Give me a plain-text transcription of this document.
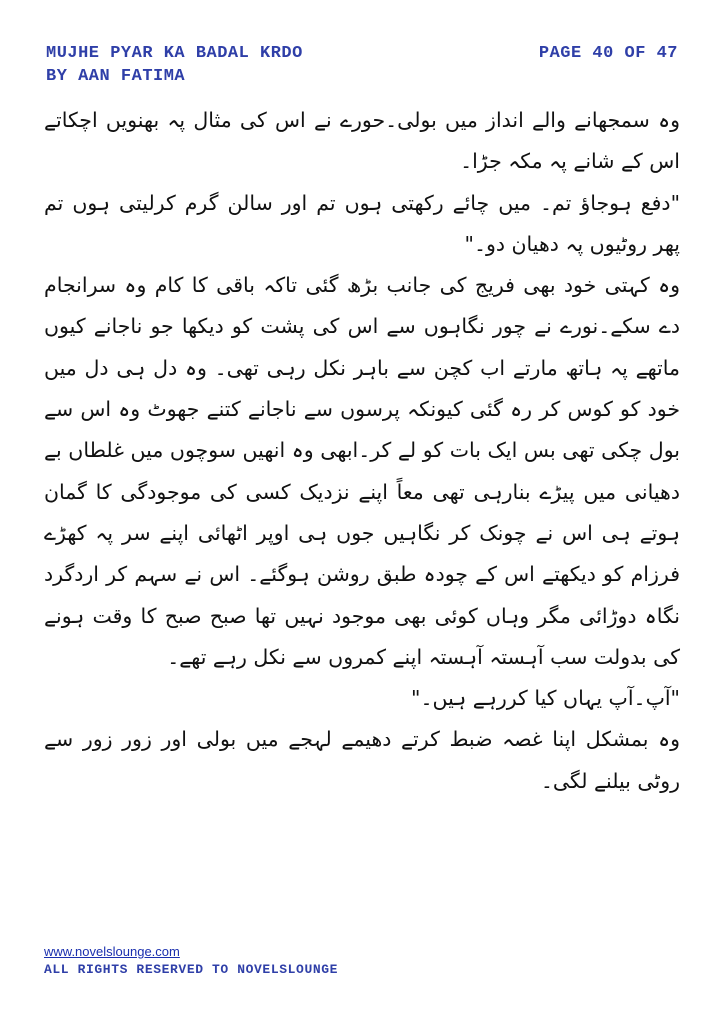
MUJHE PYAR KA BADAL KRDO
BY AAN FATIMA
PAGE 40 OF 47

وہ سمجھانے والے انداز میں بولی۔حورے نے اس کی مثال پہ بھنویں اچکاتے اس کے شانے پہ مکہ جڑا۔

"دفع ہوجاؤ تم۔ میں چائے رکھتی ہوں تم اور سالن گرم کرلیتی ہوں تم پھر روٹیوں پہ دھیان دو۔"

وہ کہتی خود بھی فریج کی جانب بڑھ گئی تاکہ باقی کا کام وہ سرانجام دے سکے۔نورے نے چور نگاہوں سے اس کی پشت کو دیکھا جو ناجانے کیوں ماتھے پہ ہاتھ مارتے اب کچن سے باہر نکل رہی تھی۔ وہ دل ہی دل میں خود کو کوس کر رہ گئی کیونکہ پرسوں سے ناجانے کتنے جھوٹ وہ اس سے بول چکی تھی بس ایک بات کو لے کر۔ابھی وہ انھیں سوچوں میں غلطاں بے دھیانی میں پیڑے بنارہی تھی معاً اپنے نزدیک کسی کی موجودگی کا گمان ہوتے ہی اس نے چونک کر نگاہیں جوں ہی اوپر اٹھائی اپنے سر پہ کھڑے فرزام کو دیکھتے اس کے چودہ طبق روشن ہوگئے۔ اس نے سہم کر اردگرد نگاہ دوڑائی مگر وہاں کوئی بھی موجود نہیں تھا صبح صبح کا وقت ہونے کی بدولت سب آہستہ آہستہ اپنے کمروں سے نکل رہے تھے۔

"آپ۔آپ یہاں کیا کررہے ہیں۔"

وہ بمشکل اپنا غصہ ضبط کرتے دھیمے لہجے میں بولی اور زور زور سے روٹی بیلنے لگی۔

www.novelslounge.com
ALL RIGHTS RESERVED TO NOVELSLOUNGE
